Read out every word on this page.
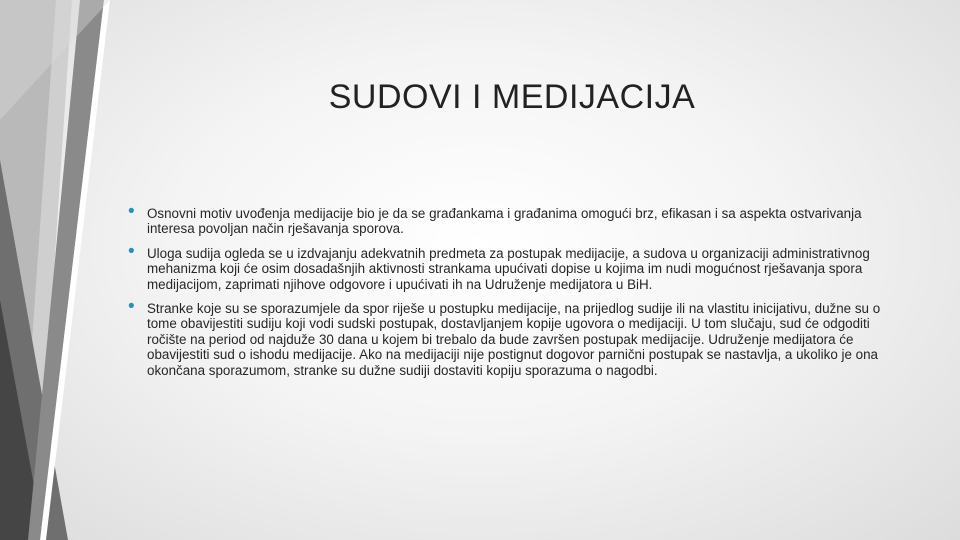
SUDOVI I MEDIJACIJA
• Osnovni motiv uvođenja medijacije bio je da se građankama i građanima omogući brz, efikasan i sa aspekta ostvarivanja interesa povoljan način rješavanja sporova.
• Uloga sudija ogleda se u izdvajanju adekvatnih predmeta za postupak medijacije, a sudova u organizaciji administrativnog mehanizma koji će osim dosadašnjih aktivnosti strankama upućivati dopise u kojima im nudi mogućnost rješavanja spora medijacijom, zaprimati njihove odgovore i upućivati ih na Udruženje medijatora u BiH.
• Stranke koje su se sporazumjele da spor riješe u postupku medijacije, na prijedlog sudije ili na vlastitu inicijativu, dužne su o tome obavijestiti sudiju koji vodi sudski postupak, dostavljanjem kopije ugovora o medijaciji. U tom slučaju, sud će odgoditi ročište na period od najduže 30 dana u kojem bi trebalo da bude završen postupak medijacije. Udruženje medijatora će obavijestiti sud o ishodu medijacije. Ako na medijaciji nije postignut dogovor parnični postupak se nastavlja, a ukoliko je ona okončana sporazumom, stranke su dužne sudiji dostaviti kopiju sporazuma o nagodbi.
